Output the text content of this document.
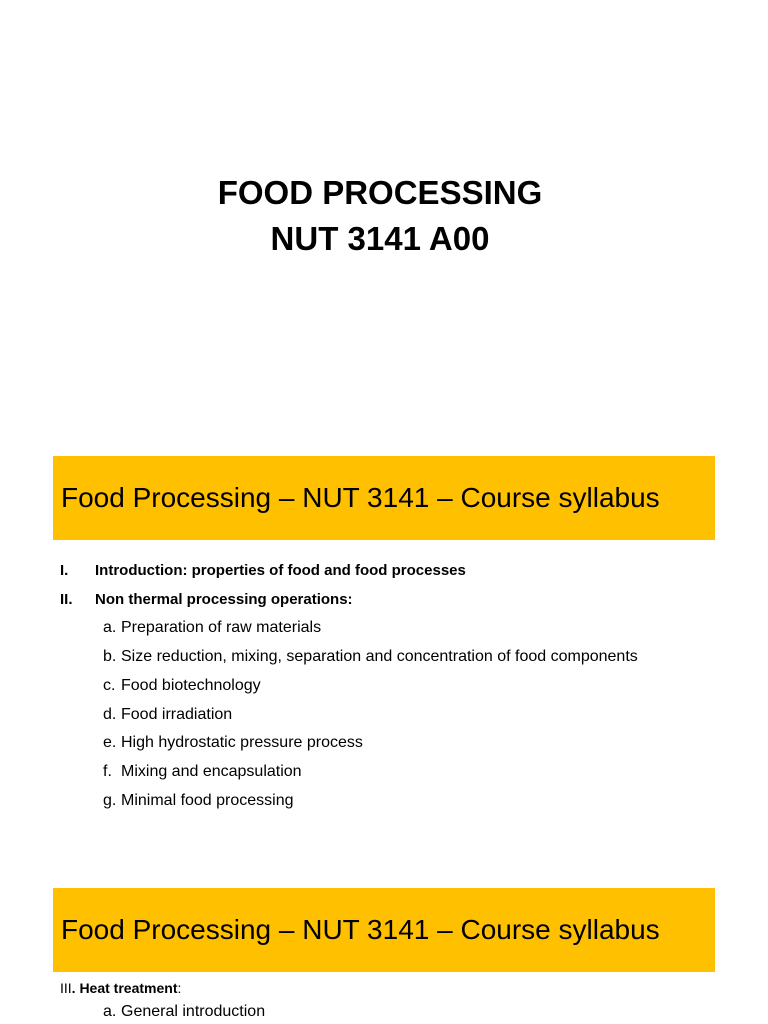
FOOD PROCESSING
NUT 3141 A00
Food Processing – NUT 3141 – Course syllabus
I.	Introduction: properties of food and food processes
II.	Non thermal processing operations:
a. Preparation of raw materials
b. Size reduction, mixing, separation and concentration of food components
c. Food biotechnology
d. Food irradiation
e. High hydrostatic pressure process
f. Mixing and encapsulation
g. Minimal food processing
Food Processing – NUT 3141 – Course syllabus
III. Heat treatment:
a. General introduction
